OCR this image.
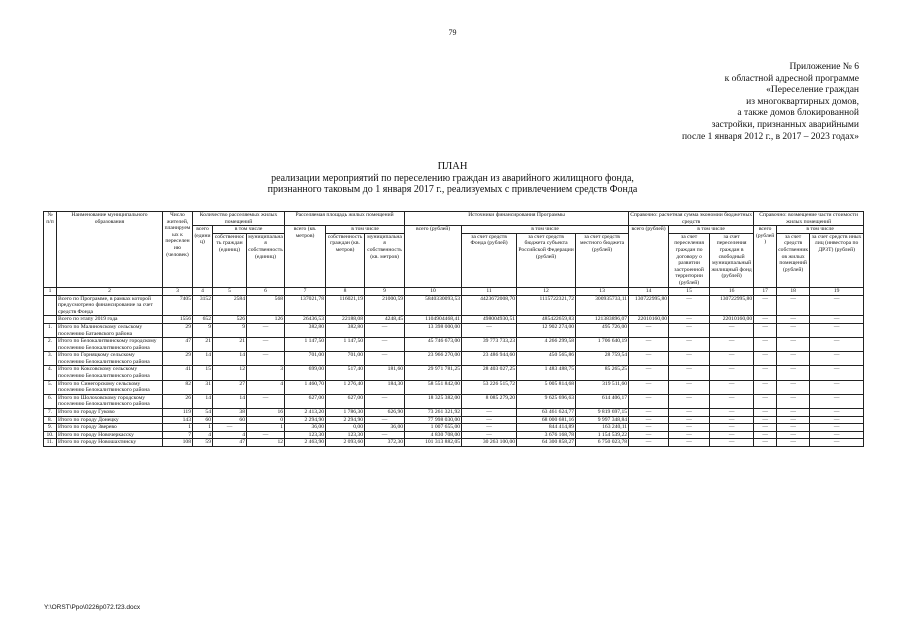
79
Приложение № 6
к областной адресной программе
«Переселение граждан
из многоквартирных домов,
а также домов блокированной
застройки, признанных аварийными
после 1 января 2012 г., в 2017 – 2023 годах»
ПЛАН
реализации мероприятий по переселению граждан из аварийного жилищного фонда,
признанного таковым до 1 января 2017 г., реализуемых с привлечением средств Фонда
№ п/п	Наименование муниципального образования	Число жителей, планируемых к переселению (человек)	Количество расселяемых жилых помещений			Расселяемая площадь жилых помещений			Источники финансирования Программы				Справочно: расчетная сумма экономии бюджетных средств			Справочно: возмещение части стоимости жилых помещений		
			всего (единиц)	в том числе		всего (кв. метров)	в том числе		всего (рублей)	в том числе			всего (рублей)	в том числе		всего (рублей)	в том числе	
				собственность граждан (единиц)	муниципальная собственность (единиц)		собственность граждан (кв. метров)	муниципальная собственность (кв. метров)		за счет средств Фонда (рублей)	за счет средств бюджета субъекта Российской Федерации (рублей)	за счет средств местного бюджета (рублей)		за счет переселения граждан по договору о развитии застроенной территории (рублей)	за счет переселения граждан в свободный муниципальный жилищный фонд (рублей)		за счет средств собственников жилых помещений (рублей)	за счет средств иных лиц (инвестора по ДРЗТ) (рублей)
1	2	3	4	5	6	7	8	9	10	11	12	13	14	15	16	17	18	19
	Всего по Программе, в рамках которой предусмотрено финансирование за счет средств Фонда	7405	3152	2584	568	137021,78	116021,19	21000,59	5840330093,53	4423672008,70	1115722321,72	300935733,11	130722995,80	—	130722995,80	—	—	—
	Всего по этапу 2019 года	1556	652	526	126	26436,53	22188,08	4248,45	1104904468,41	498004930,51	485422659,83	121383896,07	22010160,00	—	22010160,00	—	—	—
1.	Итого по Малиночскому сельскому поселению Батаевского района	29	9	9	—	382,80	382,80	—	13 398 000,00	—	12 902 274,00	495 726,00	—	—	—	—	—	—
2.	Итого по Белокалитвинскому городскому поселению Белокалитвинского района	47	21	21	—	1 147,50	1 147,50	—	45 746 673,00	39 773 733,23	4 266 299,58	1 706 640,19	—	—	—	—	—	—
3.	Итого по Горняцкому сельскому поселению Белокалитвинского района	29	14	14	—	701,00	701,00	—	23 966 270,00	23 486 944,60	450 565,86	28 759,54	—	—	—	—	—	—
4.	Итого по Коксовскому сельскому поселению Белокалитвинского района	41	15	12	3	699,00	517,40	181,60	29 971 781,25	28 403 027,25	1 483 488,75	85 265,25	—	—	—	—	—	—
5.	Итого по Синегорскому сельскому поселению Белокалитвинского района	82	31	27	4	1 460,70	1 276,40	184,30	58 551 842,00	53 226 515,72	5 005 814,68	319 511,60	—	—	—	—	—	—
6.	Итого по Шолоховскому городскому поселению Белокалитвинского района	26	14	14	—	627,00	627,00	—	18 325 382,00	8 085 279,20	9 625 696,63	614 406,17	—	—	—	—	—	—
7.	Итого по городу Гуково	119	54	38	16	2 413,20	1 786,30	626,90	73 261 321,92	—	63 461 624,77	9 819 697,15	—	—	—	—	—	—
8.	Итого по городу Донецку	143	60	60	0	2 294,90	2 294,90	—	77 998 030,00	—	68 000 681,16	9 997 348,84	—	—	—	—	—	—
9.	Итого по городу Зверево	1	1	—	1	36,00	0,00	36,00	1 007 655,00	—	844 414,89	163 240,11	—	—	—	—	—	—
10.	Итого по городу Новочеркасску	7	4	4	—	123,30	123,30	—	4 830 708,00	—	3 676 168,78	1 154 539,22	—	—	—	—	—	—
11.	Итого по городу Новошахтинску	108	59	47	12	2 463,90	2 093,60	372,30	101 313 882,05	30 263 100,00	64 300 858,27	6 750 023,78	—	—	—	—	—	—
Y:\ORST\Ppo\0226p072.f23.docx
